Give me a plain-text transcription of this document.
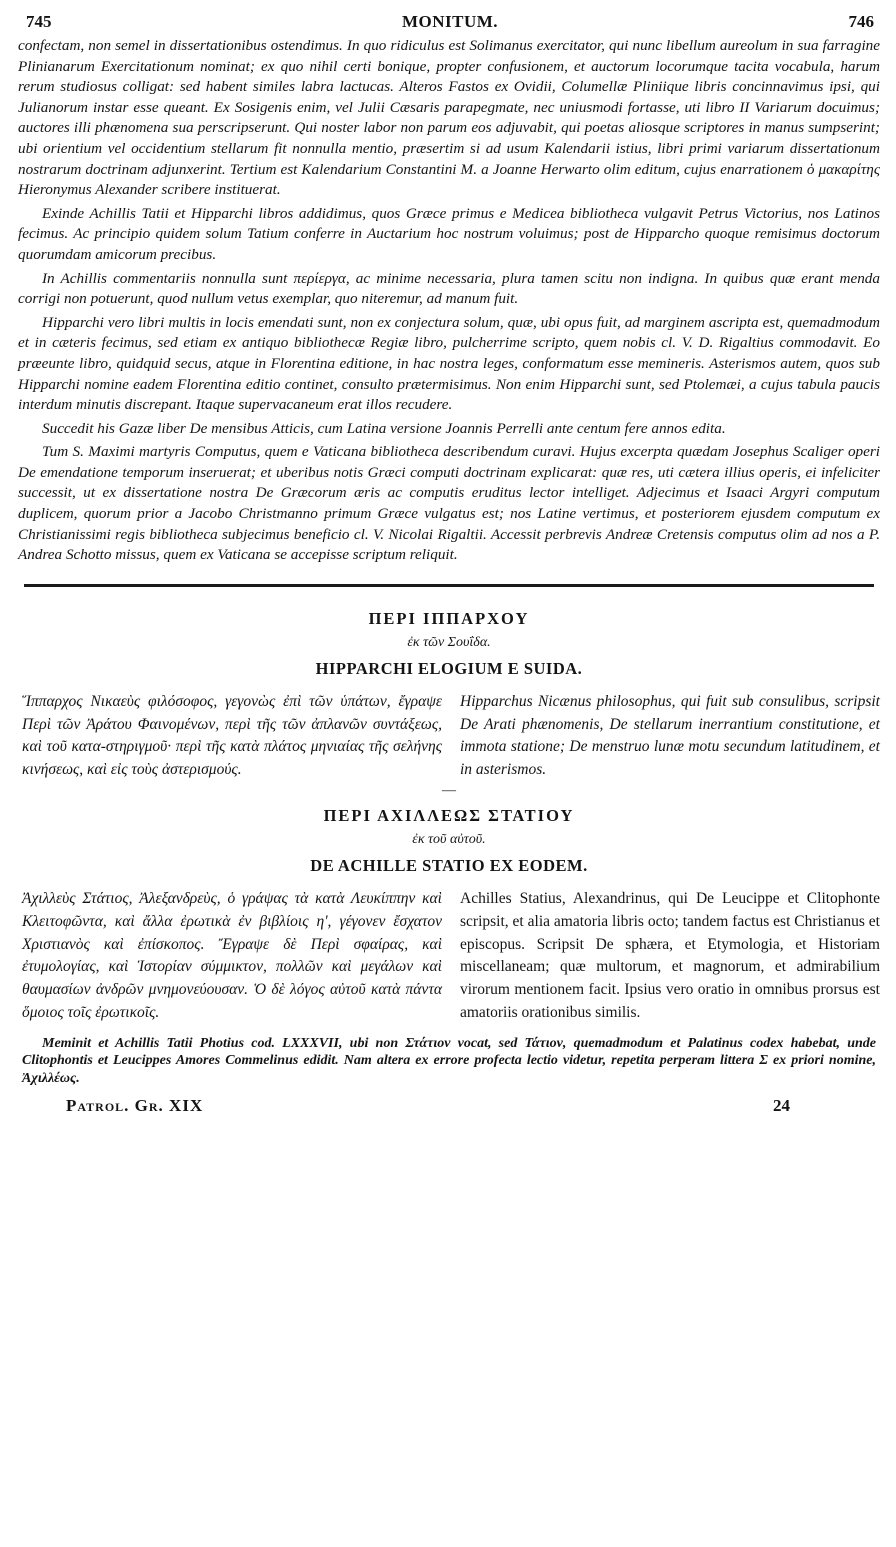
745	MONITUM.	746

confectam, non semel in dissertationibus ostendimus. In quo ridiculus est Solimanus exercitator, qui nunc libellum aureolum in sua farragine Plinianarum Exercitationum nominat; ex quo nihil certi bonique, propter confusionem, et auctorum locorumque tacita vocabula, harum rerum studiosus colligat: sed habent similes labra lactucas. Alteros Fastos ex Ovidii, Columellæ Pliniique libris concinnavimus ipsi, qui Julianorum instar esse queant. Ex Sosigenis enim, vel Julii Cæsaris parapegmate, nec uniusmodi fortasse, uti libro II Variarum docuimus; auctores illi phænomena sua perscripserunt. Qui noster labor non parum eos adjuvabit, qui poetas aliosque scriptores in manus sumpserint; ubi orientium vel occidentium stellarum fit nonnulla mentio, præsertim si ad usum Kalendarii istius, libri primi variarum dissertationum nostrarum doctrinam adjunxerint. Tertium est Kalendarium Constantini M. a Joanne Herwarto olim editum, cujus enarrationem ὁ μακαρίτης Hieronymus Alexander scribere instituerat.

Exinde Achillis Tatii et Hipparchi libros addidimus, quos Græce primus e Medicea bibliotheca vulgavit Petrus Victorius, nos Latinos fecimus. Ac principio quidem solum Tatium conferre in Auctarium hoc nostrum voluimus; post de Hipparcho quoque remisimus doctorum quorumdam amicorum precibus.

In Achillis commentariis nonnulla sunt περίεργα, ac minime necessaria, plura tamen scitu non indigna. In quibus quæ erant menda corrigi non potuerunt, quod nullum vetus exemplar, quo niteremur, ad manum fuit.

Hipparchi vero libri multis in locis emendati sunt, non ex conjectura solum, quæ, ubi opus fuit, ad marginem ascripta est, quemadmodum et in cæteris fecimus, sed etiam ex antiquo bibliothecæ Regiæ libro, pulcherrime scripto, quem nobis cl. V. D. Rigaltius commodavit. Eo præeunte libro, quidquid secus, atque in Florentina editione, in hac nostra leges, conformatum esse memineris. Asterismos autem, quos sub Hipparchi nomine eadem Florentina editio continet, consulto prætermisimus. Non enim Hipparchi sunt, sed Ptolemæi, a cujus tabula paucis interdum minutis discrepant. Itaque supervacaneum erat illos recudere.

Succedit his Gazæ liber De mensibus Atticis, cum Latina versione Joannis Perrelli ante centum fere annos edita.

Tum S. Maximi martyris Computus, quem e Vaticana bibliotheca describendum curavi. Hujus excerpta quædam Josephus Scaliger operi De emendatione temporum inseruerat; et uberibus notis Græci computi doctrinam explicarat: quæ res, uti cætera illius operis, ei infeliciter successit, ut ex dissertatione nostra De Græcorum æris ac computis eruditus lector intelliget. Adjecimus et Isaaci Argyri computum duplicem, quorum prior a Jacobo Christmanno primum Græce vulgatus est; nos Latine vertimus, et posteriorem ejusdem computum ex Christianissimi regis bibliotheca subjecimus beneficio cl. V. Nicolai Rigaltii. Accessit perbrevis Andreæ Cretensis computus olim ad nos a P. Andrea Schotto missus, quem ex Vaticana se accepisse scriptum reliquit.

ΠΕΡΙ ΙΠΠΑΡΧΟΥ
ἐκ τῶν Σουΐδα.
HIPPARCHI ELOGIUM E SUIDA.
Ἵππαρχος Νικαεὺς φιλόσοφος, γεγονὼς ἐπὶ τῶν ὑπάτων, ἔγραψε Περὶ τῶν Ἀράτου Φαινομένων, περὶ τῆς τῶν ἀπλανῶν συντάξεως, καὶ τοῦ κατα-στηριγμοῦ· περὶ τῆς κατὰ πλάτος μηνιαίας τῆς σελήνης κινήσεως, καὶ εἰς τοὺς ἀστερισμούς.
Hipparchus Nicænus philosophus, qui fuit sub consulibus, scripsit De Arati phænomenis, De stellarum inerrantium constitutione, et immota statione; De menstruo lunæ motu secundum latitudinem, et in asterismos.
—
ΠΕΡΙ ΑΧΙΛΛΕΩΣ ΣΤΑΤΙΟΥ
ἐκ τοῦ αὐτοῦ.
DE ACHILLE STATIO EX EODEM.
Ἀχιλλεὺς Στάτιος, Ἀλεξανδρεὺς, ὁ γράψας τὰ κατὰ Λευκίππην καὶ Κλειτοφῶντα, καὶ ἄλλα ἐρωτικὰ ἐν βιβλίοις η', γέγονεν ἔσχατον Χριστιανὸς καὶ ἐπίσκοπος. Ἔγραψε δὲ Περὶ σφαίρας, καὶ ἐτυμολογίας, καὶ Ἱστορίαν σύμμικτον, πολλῶν καὶ μεγάλων καὶ θαυμασίων ἀνδρῶν μνημονεύουσαν. Ὁ δὲ λόγος αὐτοῦ κατὰ πάντα ὅμοιος τοῖς ἐρωτικοῖς.
Achilles Statius, Alexandrinus, qui De Leucippe et Clitophonte scripsit, et alia amatoria libris octo; tandem factus est Christianus et episcopus. Scripsit De sphæra, et Etymologia, et Historiam miscellaneam; quæ multorum, et magnorum, et admirabilium virorum mentionem facit. Ipsius vero oratio in omnibus prorsus est amatoriis orationibus similis.

Meminit et Achillis Tatii Photius cod. LXXXVII, ubi non Στάτιον vocat, sed Τάτιον, quemadmodum et Palatinus codex habebat, unde Clitophontis et Leucippes Amores Commelinus edidit. Nam altera ex errore profecta lectio videtur, repetita perperam littera Σ ex priori nomine, Ἀχιλλέως.

Patrol. Gr. XIX	24
